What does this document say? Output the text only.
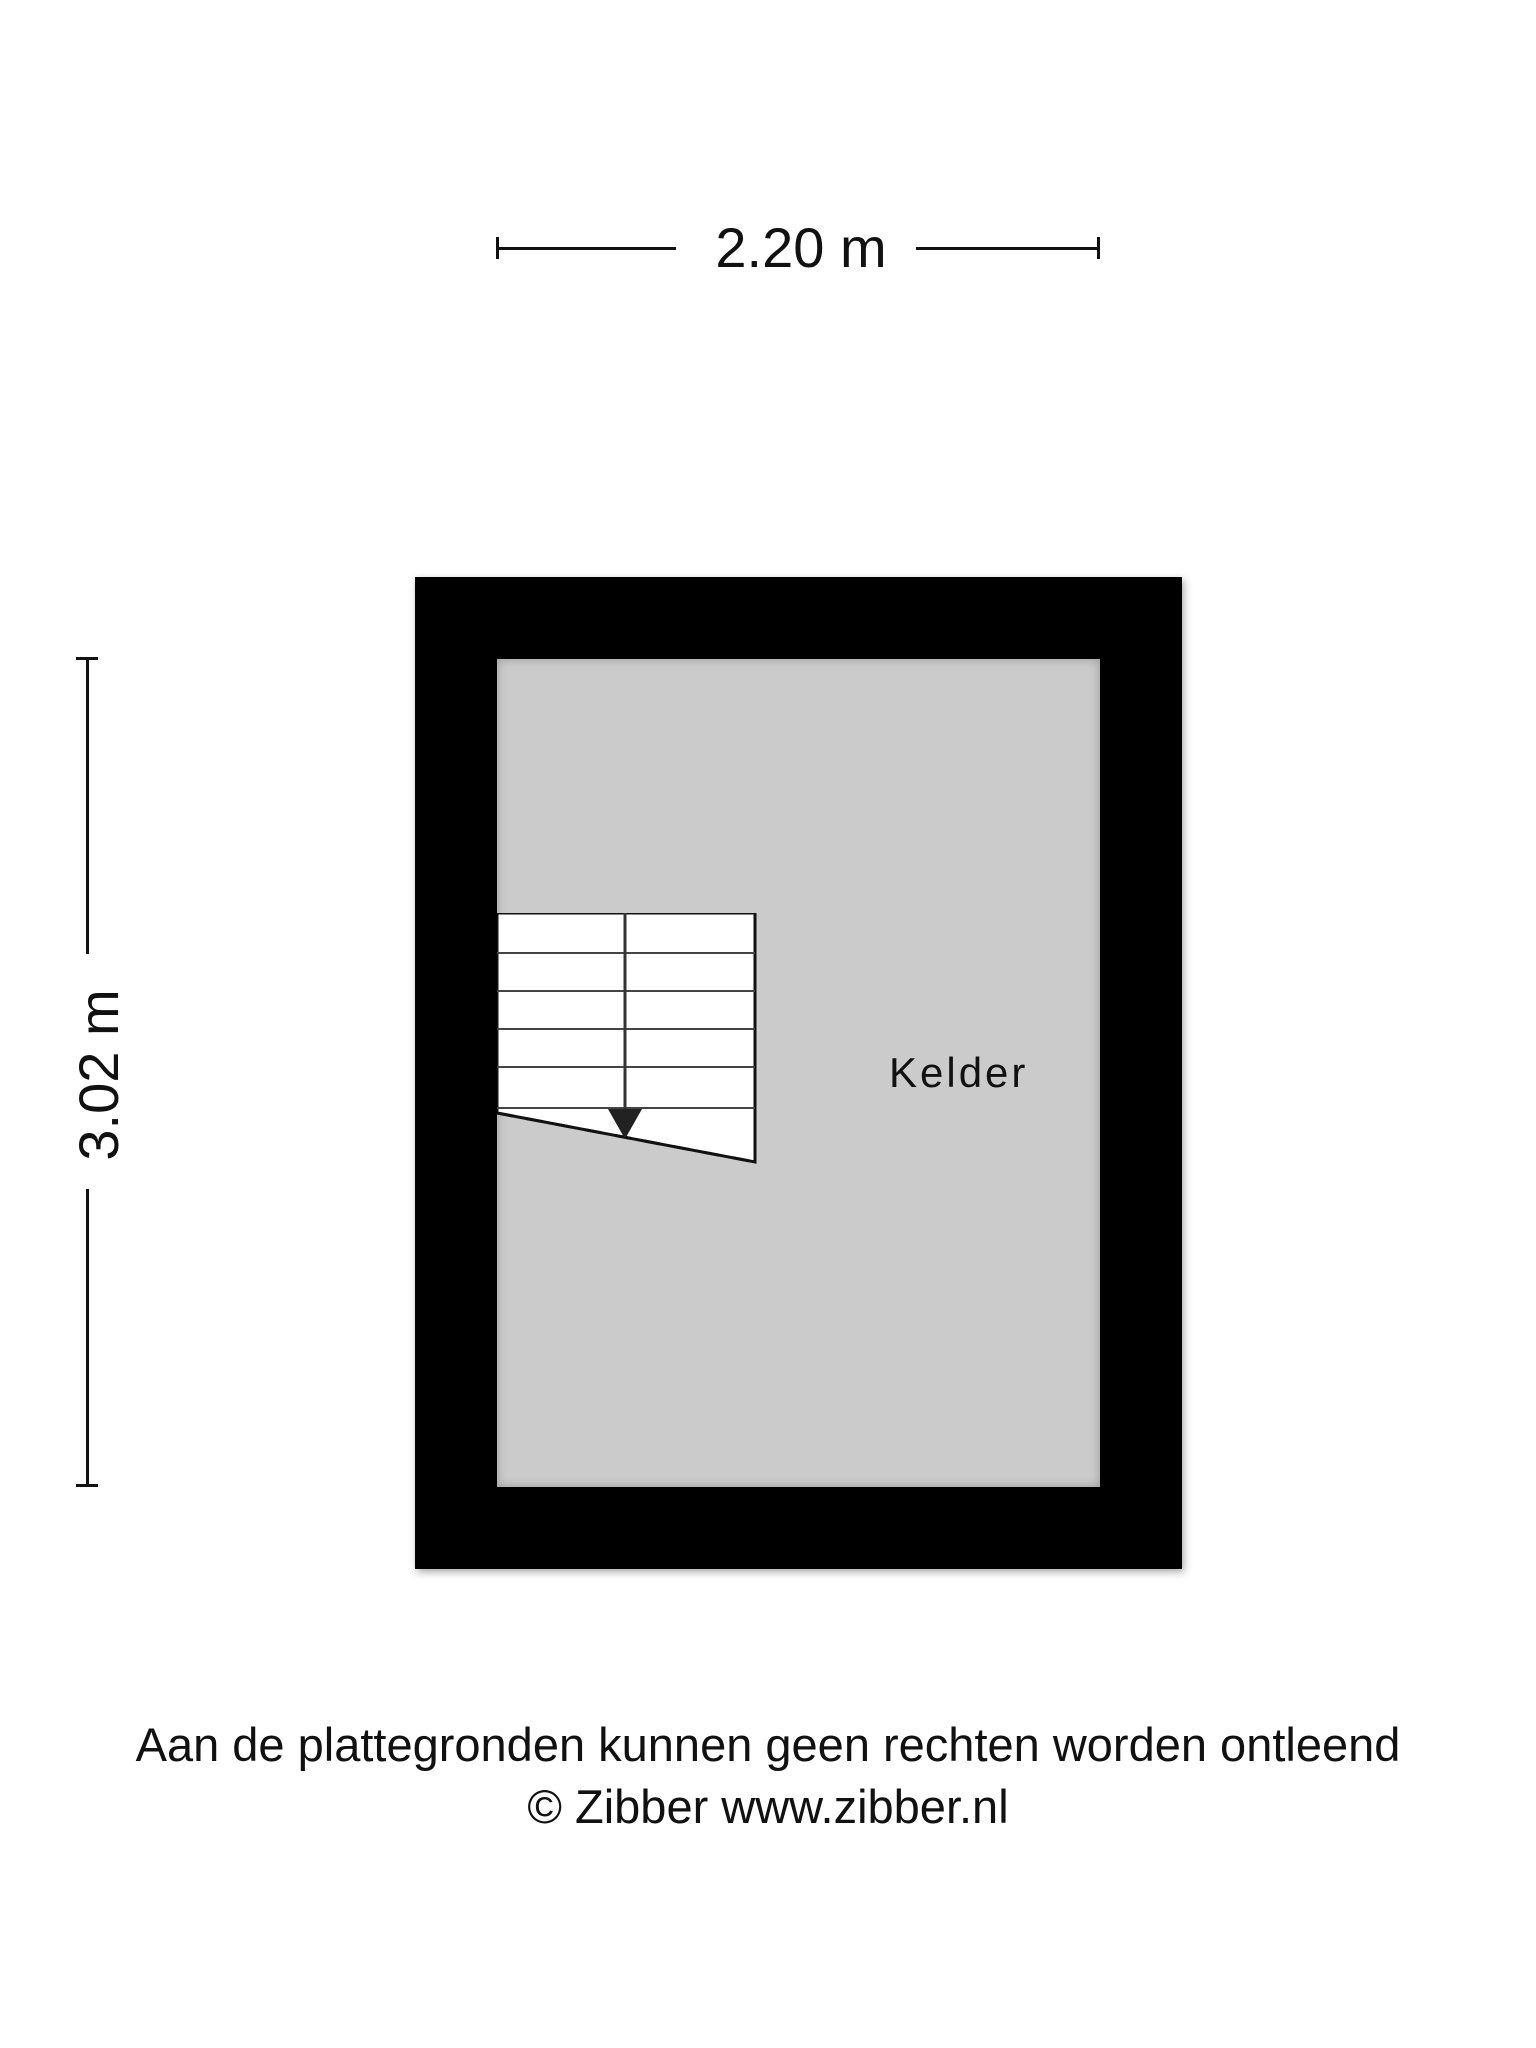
2.20 m
3.02 m	Kelder
Aan de plattegronden kunnen geen rechten worden ontleend
© Zibber www.zibber.nl
